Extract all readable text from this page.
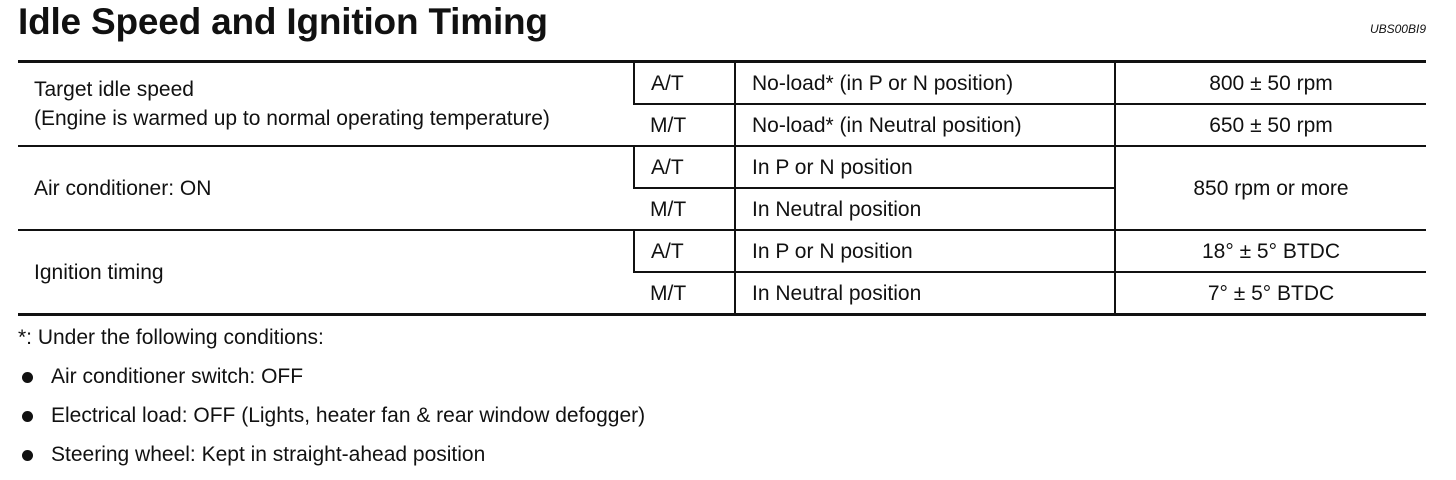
Idle Speed and Ignition Timing	UBS00BI9
Target idle speed
(Engine is warmed up to normal operating temperature)	A/T	No-load* (in P or N position)	800 ± 50 rpm
	M/T	No-load* (in Neutral position)	650 ± 50 rpm

Air conditioner: ON	A/T	In P or N position	850 rpm or more
	M/T	In Neutral position	

Ignition timing	A/T	In P or N position	18° ± 5° BTDC
	M/T	In Neutral position	7° ± 5° BTDC
*: Under the following conditions:
Air conditioner switch: OFF
Electrical load: OFF (Lights, heater fan & rear window defogger)
Steering wheel: Kept in straight-ahead position
